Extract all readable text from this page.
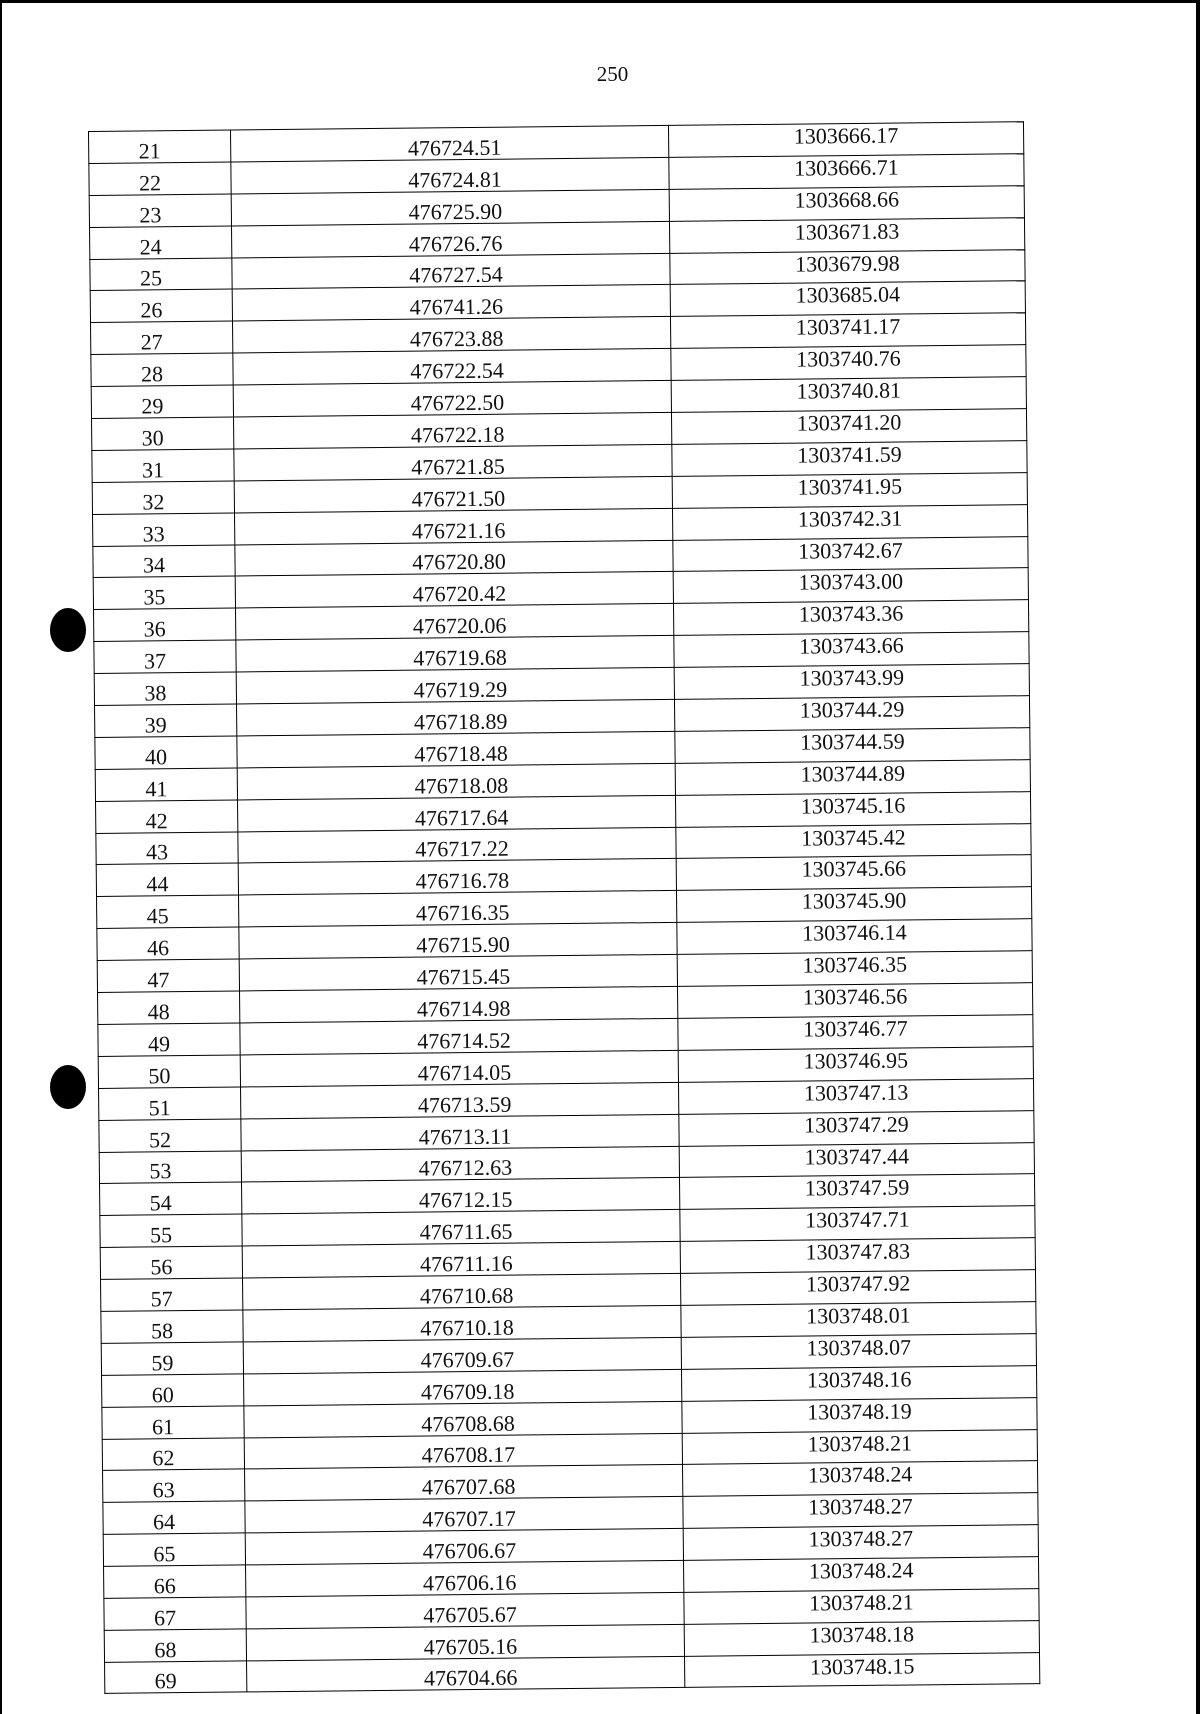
250
21	476724.51	1303666.17
22	476724.81	1303666.71
23	476725.90	1303668.66
24	476726.76	1303671.83
25	476727.54	1303679.98
26	476741.26	1303685.04
27	476723.88	1303741.17
28	476722.54	1303740.76
29	476722.50	1303740.81
30	476722.18	1303741.20
31	476721.85	1303741.59
32	476721.50	1303741.95
33	476721.16	1303742.31
34	476720.80	1303742.67
35	476720.42	1303743.00
36	476720.06	1303743.36
37	476719.68	1303743.66
38	476719.29	1303743.99
39	476718.89	1303744.29
40	476718.48	1303744.59
41	476718.08	1303744.89
42	476717.64	1303745.16
43	476717.22	1303745.42
44	476716.78	1303745.66
45	476716.35	1303745.90
46	476715.90	1303746.14
47	476715.45	1303746.35
48	476714.98	1303746.56
49	476714.52	1303746.77
50	476714.05	1303746.95
51	476713.59	1303747.13
52	476713.11	1303747.29
53	476712.63	1303747.44
54	476712.15	1303747.59
55	476711.65	1303747.71
56	476711.16	1303747.83
57	476710.68	1303747.92
58	476710.18	1303748.01
59	476709.67	1303748.07
60	476709.18	1303748.16
61	476708.68	1303748.19
62	476708.17	1303748.21
63	476707.68	1303748.24
64	476707.17	1303748.27
65	476706.67	1303748.27
66	476706.16	1303748.24
67	476705.67	1303748.21
68	476705.16	1303748.18
69	476704.66	1303748.15
